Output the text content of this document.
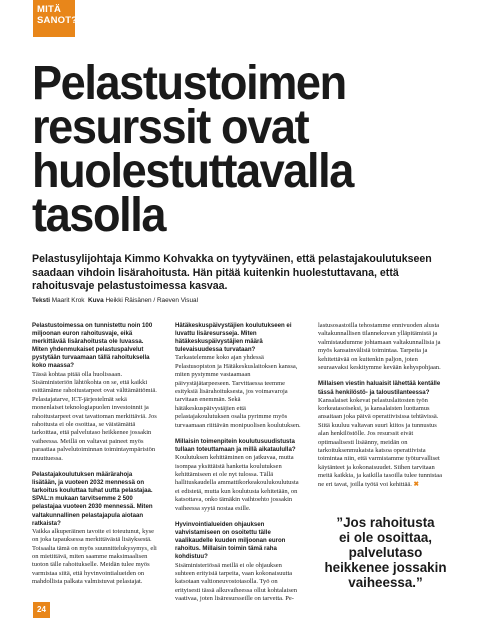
MITÄ
SANOT?
Pelastustoimen
resurssit ovat
huolestuttavalla
tasolla

Pelastusylijohtaja Kimmo Kohvakka on tyytyväinen, että pelastajakoulutukseen saadaan vihdoin lisärahoitusta. Hän pitää kuitenkin huolestuttavana, että rahoitusvaje pelastustoimessa kasvaa.

Teksti Maarit Krok Kuva Heikki Räisänen / Raeven Visual

Pelastustoimessa on tunnistettu noin 100 miljoonan euron rahoitusvaje, eikä merkittävää lisärahoitusta ole luvassa. Miten yhdenmukaiset pelastuspalvelut pystytään turvaamaan tällä rahoituksella koko maassa?

Tässä kohtaa pitää olla huolissaan. Sisäministeriön lähtökohta on se, että kaikki esittämäme rahoitustarpeet ovat välttämättömiä. Pelastajatarve, ICT-järjestelmät sekä monenlaiset teknologiapuolen investoinnit ja rahoitustarpeet ovat tavattoman merkittäviä. Jos rahoitusta ei ole osoittaa, se väistämättä tarkoittaa, että palvelutaso heikkenee jossakin vaiheessa. Meillä on valtavat paineet myös paraatiaa palvelutoiminnan toimintaympäristön muuttuessa.

Pelastajakoulutuksen määrärahoja lisätään, ja vuoteen 2032 mennessä on tarkoitus kouluttaa tuhat uutta pelastajaa. SPAL:n mukaan tarvitsemme 2 500 pelastajaa vuoteen 2030 mennessä. Miten valtakunnallinen pelastajapula aiotaan ratkaista?

Vaikka alkuperäinen tavoite ei toteutunut, kyse on joka tapauksessa merkittävästä lisäyksestä. Toisaalta tämä on myös suunnittelukysymys, eli on mietittävä, miten saamme maksimaalisen tuoton tälle rahoitukselle. Meidän tulee myös varmistaa siitä, että hyvinvointialueiden on mahdollista palkata valmistuvat pelastajat.

Hätäkeskuspäivystäjien koulutukseen ei luvattu lisäresursseja. Miten hätäkeskuspäivystäjien määrä tulevaisuudessa turvataan?

Tarkastelemme koko ajan yhdessä Pelastusopiston ja Hätäkeskuslaitoksen kanssa, miten pystymme vastaamaan päivystäjätarpeeseen. Tarvittaessa teemme esityksiä lisärahoituksesta, jos voimavaroja tarvitaan enemmän. Sekä hätäkeskuspäivystäjien että pelastajakoulutuksen osalta pyrimme myös turvaamaan riittävän monipuolisen koulutuksen.

Millaisin toimenpitein koulutusuudistusta tullaan toteuttamaan ja millä aikataululla?

Koulutuksen kehittäminen on jatkuvaa, mutta isompaa yksittäistä hanketta koulutuksen kehittämiseen ei ole nyt tulossa. Tällä hallituskaudella ammattikorkeakoulukoulutusta ei edistetä, mutta kun koulutusta kehitetään, on katsottava, onko tämäkin vaihtoehto jossakin vaiheessa syytä nostaa esille.

Hyvinvointialueiden ohjauksen vahvistamiseen on osoitettu tälle vaalikaudelle kuuden miljoonan euron rahoitus. Millaisin toimin tämä raha kohdistuu?

Sisäministeriössä meillä ei ole ohjauksen suhteen erityisiä tarpeita, vaan kokonaisuutta katsotaan valtioneuvostotasolla. Työ on erityisesti tässä alkuvaiheessa ollut kohtalaisen vaativaa, joten lisäresursseille on tarvetta. Pe-

lastusosastoilla tehostamme ennivuoden alusta valtakunnallisen tilannekuvan ylläpitämistä ja valmistaudumme johtamaan valtakunnallisia ja myös kansainvälisiä toimintaa. Tarpeita ja kehitettävää on kuitenkin paljon, joten seuraavaksi keskitymme kevään kehyspohjaan.

Millaisen viestin haluaisit lähettää kentälle tässä henkilöstö- ja taloustilanteessa?

Kansalaiset kokevat pelastuslaitosten työn korkeatasoiseksi, ja kansalaisten luottamus ansaitaan joka päivä operatiivisissa tehtävissä. Siitä kuuluu valtavan suuri kiitos ja tunnustus alan henkilöstölle. Jos resurssit eivät optimaalisesti lisäänny, meidän on tarkoituksenmukaista katsoa operatiivista toimintaa niin, että varmistamme työturvalliset käytänteet ja kokonaisuudet. Siihen tarvitaan meitä kaikkia, ja kaikilla tasoilla tulee tunnistaa ne eri tavat, joilla työtä voi kehittää. ✖

”Jos rahoitusta
ei ole osoittaa,
palvelutaso
heikkenee jossakin
vaiheessa.”
24
